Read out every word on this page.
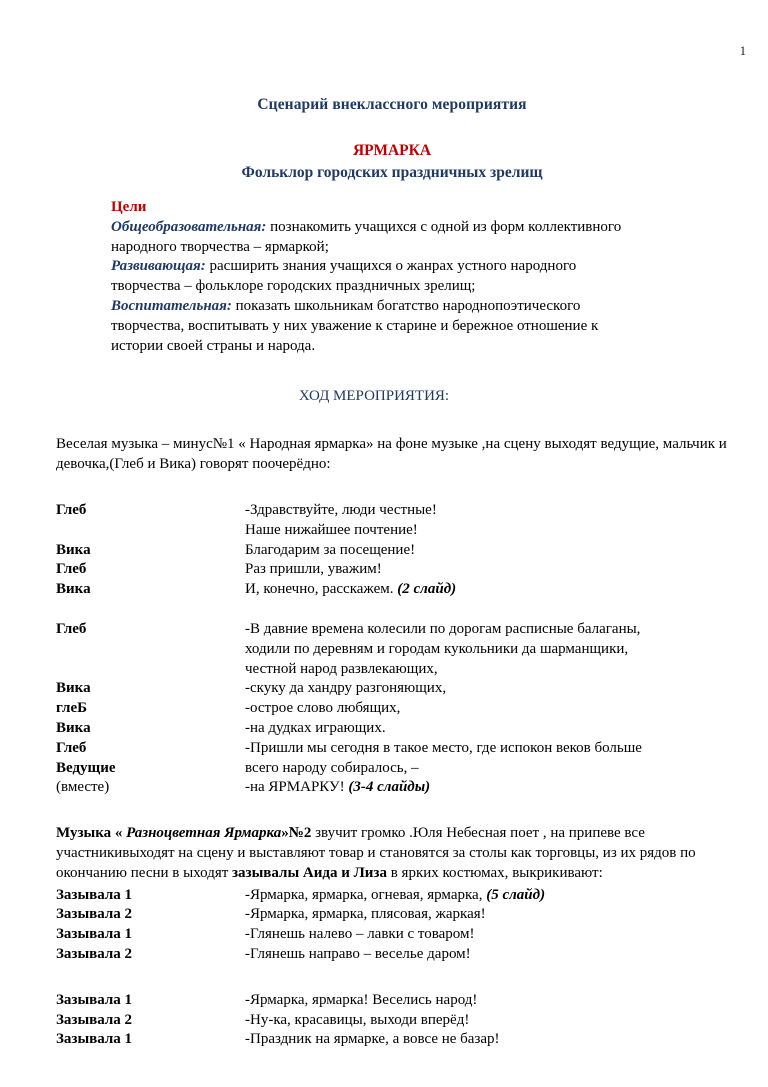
1
Сценарий внеклассного мероприятия
ЯРМАРКА
Фольклор городских праздничных зрелищ
Цели
Общеобразовательная: познакомить учащихся с одной из форм коллективного
народного творчества – ярмаркой;
Развивающая: расширить знания учащихся о жанрах устного народного
творчества – фольклоре городских праздничных зрелищ;
Воспитательная: показать школьникам богатство народнопоэтического
творчества, воспитывать у них уважение к старине и бережное отношение к
истории своей страны и народа.
ХОД МЕРОПРИЯТИЯ:
Веселая музыка – минус№1 « Народная ярмарка» на фоне музыке ,на сцену выходят ведущие, мальчик и девочка,(Глеб и Вика) говорят поочерёдно:
Глеб	-Здравствуйте, люди честные!
Наше нижайшее почтение!
Вика	Благодарим за посещение!
Глеб	Раз пришли, уважим!
Вика	И, конечно, расскажем. (2 слайд)
Глеб	-В давние времена колесили по дорогам расписные балаганы,
ходили по деревням и городам кукольники да шарманщики,
честной народ развлекающих,
Вика	-скуку да хандру разгоняющих,
глеБ	-острое слово любящих,
Вика	-на дудках играющих.
Глеб	-Пришли мы сегодня в такое место, где испокон веков больше
Ведущие	всего народу собиралось, –
(вместе)	-на ЯРМАРКУ! (3-4 слайды)
Музыка « Разноцветная Ярмарка»№2 звучит громко .Юля Небесная поет , на припеве все участникивыходят на сцену и выставляют товар и становятся за столы как торговцы, из их рядов по окончанию песни в ыходят зазывалы Аида и Лиза в ярких костюмах, выкрикивают:
Зазывала 1	-Ярмарка, ярмарка, огневая, ярмарка, (5 слайд)
Зазывала 2	-Ярмарка, ярмарка, плясовая, жаркая!
Зазывала 1	-Глянешь налево – лавки с товаром!
Зазывала 2	-Глянешь направо – веселье даром!
Зазывала 1	-Ярмарка, ярмарка! Веселись народ!
Зазывала 2	-Ну-ка, красавицы, выходи вперёд!
Зазывала 1	-Праздник на ярмарке, а вовсе не базар!
